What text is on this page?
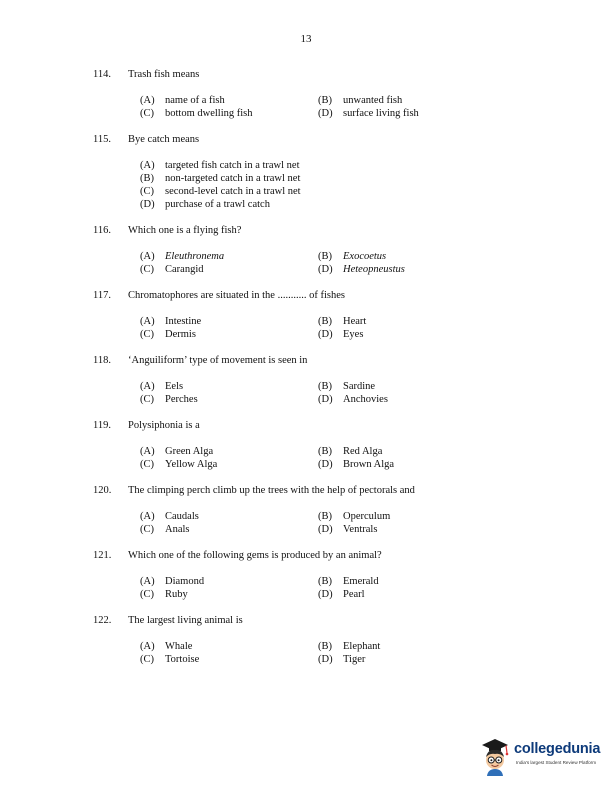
13
114. Trash fish means
(A) name of a fish	(B) unwanted fish
(C) bottom dwelling fish	(D) surface living fish
115. Bye catch means
(A) targeted fish catch in a trawl net
(B) non-targeted catch in a trawl net
(C) second-level catch in a trawl net
(D) purchase of a trawl catch
116. Which one is a flying fish?
(A) Eleuthronema	(B) Exocoetus
(C) Carangid	(D) Heteopneustus
117. Chromatophores are situated in the ........... of fishes
(A) Intestine	(B) Heart
(C) Dermis	(D) Eyes
118. ‘Anguiliform’ type of movement is seen in
(A) Eels	(B) Sardine
(C) Perches	(D) Anchovies
119. Polysiphonia is a
(A) Green Alga	(B) Red Alga
(C) Yellow Alga	(D) Brown Alga
120. The climping perch climb up the trees with the help of pectorals and
(A) Caudals	(B) Operculum
(C) Anals	(D) Ventrals
121. Which one of the following gems is produced by an animal?
(A) Diamond	(B) Emerald
(C) Ruby	(D) Pearl
122. The largest living animal is
(A) Whale	(B) Elephant
(C) Tortoise	(D) Tiger
collegedunia
India's largest Student Review Platform
